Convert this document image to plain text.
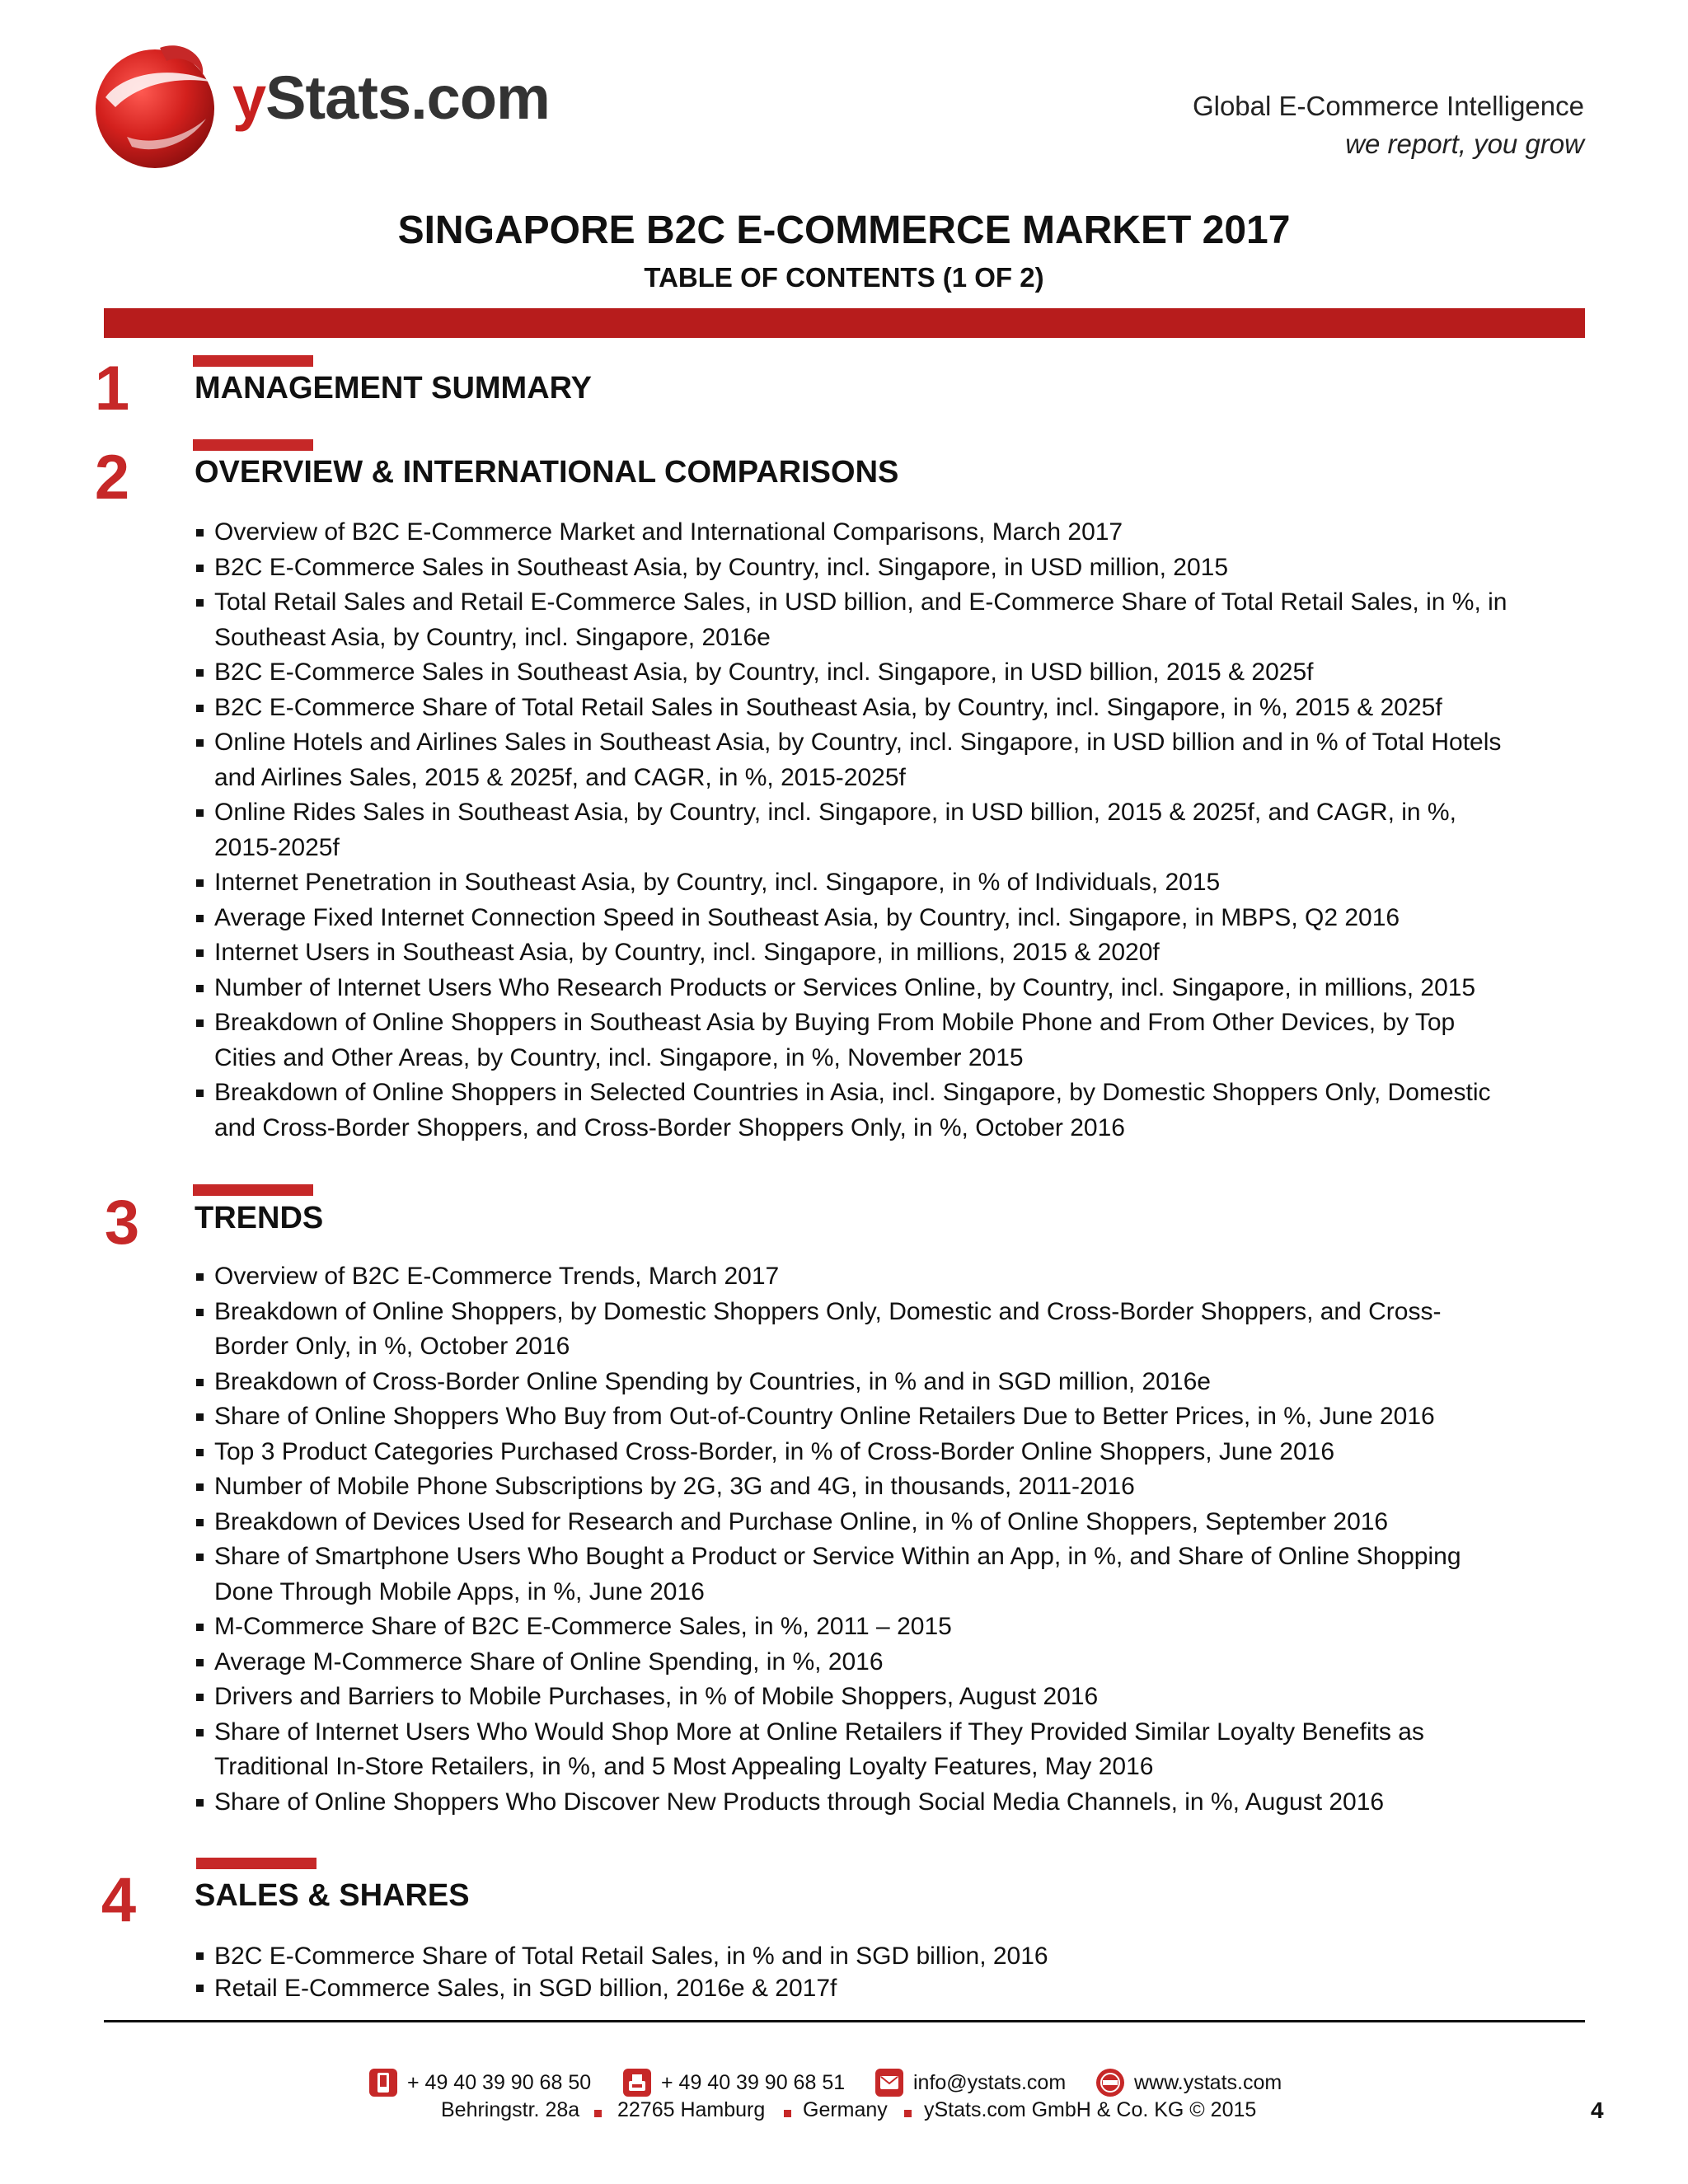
yStats.com	Global E-Commerce Intelligence
we report, you grow
SINGAPORE B2C E-COMMERCE MARKET 2017
TABLE OF CONTENTS (1 OF 2)
1	MANAGEMENT SUMMARY
2	OVERVIEW & INTERNATIONAL COMPARISONS
Overview of B2C E-Commerce Market and International Comparisons, March 2017
B2C E-Commerce Sales in Southeast Asia, by Country, incl. Singapore, in USD million, 2015
Total Retail Sales and Retail E-Commerce Sales, in USD billion, and E-Commerce Share of Total Retail Sales, in %, in Southeast Asia, by Country, incl. Singapore, 2016e
B2C E-Commerce Sales in Southeast Asia, by Country, incl. Singapore, in USD billion, 2015 & 2025f
B2C E-Commerce Share of Total Retail Sales in Southeast Asia, by Country, incl. Singapore, in %, 2015 & 2025f
Online Hotels and Airlines Sales in Southeast Asia, by Country, incl. Singapore, in USD billion and in % of Total Hotels and Airlines Sales, 2015 & 2025f, and CAGR, in %, 2015-2025f
Online Rides Sales in Southeast Asia, by Country, incl. Singapore, in USD billion, 2015 & 2025f, and CAGR, in %, 2015-2025f
Internet Penetration in Southeast Asia, by Country, incl. Singapore, in % of Individuals, 2015
Average Fixed Internet Connection Speed in Southeast Asia, by Country, incl. Singapore, in MBPS, Q2 2016
Internet Users in Southeast Asia, by Country, incl. Singapore, in millions, 2015 & 2020f
Number of Internet Users Who Research Products or Services Online, by Country, incl. Singapore, in millions, 2015
Breakdown of Online Shoppers in Southeast Asia by Buying From Mobile Phone and From Other Devices, by Top Cities and Other Areas, by Country, incl. Singapore, in %, November 2015
Breakdown of Online Shoppers in Selected Countries in Asia, incl. Singapore, by Domestic Shoppers Only, Domestic and Cross-Border Shoppers, and Cross-Border Shoppers Only, in %, October 2016
3	TRENDS
Overview of B2C E-Commerce Trends, March 2017
Breakdown of Online Shoppers, by Domestic Shoppers Only, Domestic and Cross-Border Shoppers, and Cross-Border Only, in %, October 2016
Breakdown of Cross-Border Online Spending by Countries, in % and in SGD million, 2016e
Share of Online Shoppers Who Buy from Out-of-Country Online Retailers Due to Better Prices, in %, June 2016
Top 3 Product Categories Purchased Cross-Border, in % of Cross-Border Online Shoppers, June 2016
Number of Mobile Phone Subscriptions by 2G, 3G and 4G, in thousands, 2011-2016
Breakdown of Devices Used for Research and Purchase Online, in % of Online Shoppers, September 2016
Share of Smartphone Users Who Bought a Product or Service Within an App, in %, and Share of Online Shopping Done Through Mobile Apps, in %, June 2016
M-Commerce Share of B2C E-Commerce Sales, in %, 2011 – 2015
Average M-Commerce Share of Online Spending, in %, 2016
Drivers and Barriers to Mobile Purchases, in % of Mobile Shoppers, August 2016
Share of Internet Users Who Would Shop More at Online Retailers if They Provided Similar Loyalty Benefits as Traditional In-Store Retailers, in %, and 5 Most Appealing Loyalty Features, May 2016
Share of Online Shoppers Who Discover New Products through Social Media Channels, in %, August 2016
4	SALES & SHARES
B2C E-Commerce Share of Total Retail Sales, in % and in SGD billion, 2016
Retail E-Commerce Sales, in SGD billion, 2016e & 2017f
+ 49 40 39 90 68 50	+ 49 40 39 90 68 51	info@ystats.com	www.ystats.com
Behringstr. 28a 22765 Hamburg Germany yStats.com GmbH & Co. KG © 2015	4
